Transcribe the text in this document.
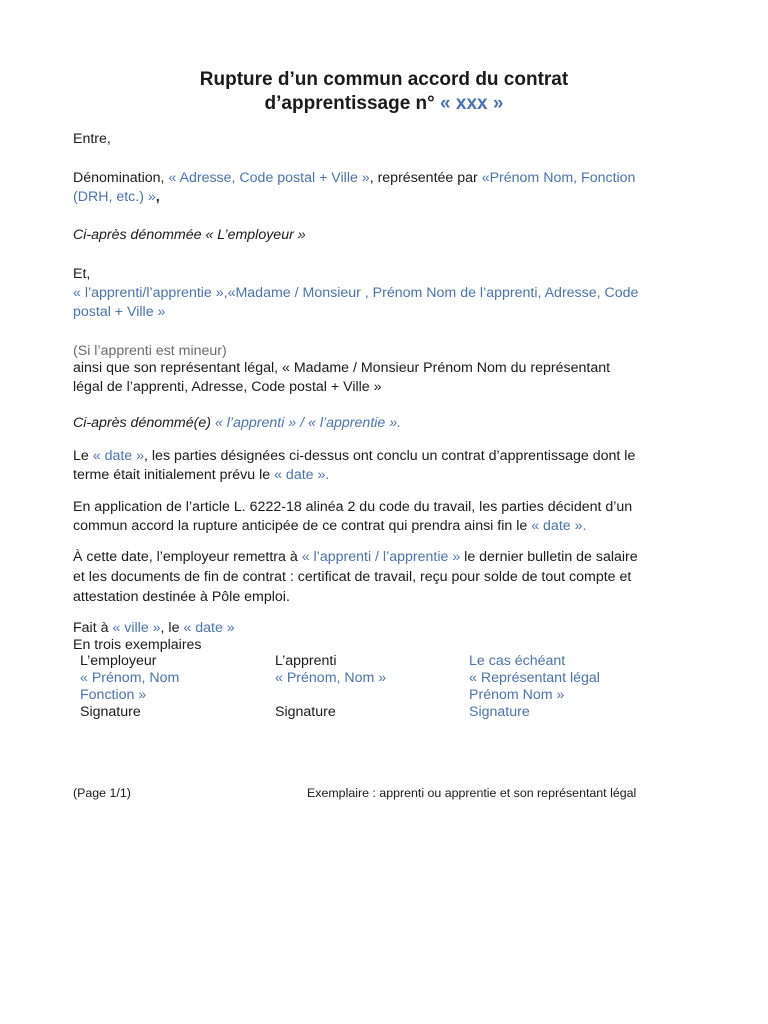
Rupture d’un commun accord du contrat
d’apprentissage n° « xxx »
Entre,
Dénomination, « Adresse, Code postal + Ville », représentée par «Prénom Nom, Fonction
(DRH, etc.) »,
Ci-après dénommée « L’employeur »
Et,
« l’apprenti/l’apprentie »,«Madame / Monsieur , Prénom Nom de l’apprenti, Adresse, Code
postal + Ville »
(Si l’apprenti est mineur)
ainsi que son représentant légal, « Madame / Monsieur Prénom Nom du représentant
légal de l’apprenti, Adresse, Code postal + Ville »
Ci-après dénommé(e) « l’apprenti » / « l’apprentie ».
Le « date », les parties désignées ci-dessus ont conclu un contrat d’apprentissage dont le
terme était initialement prévu le « date ».
En application de l’article L. 6222-18 alinéa 2 du code du travail, les parties décident d’un
commun accord la rupture anticipée de ce contrat qui prendra ainsi fin le « date ».
À cette date, l’employeur remettra à « l’apprenti / l’apprentie » le dernier bulletin de salaire
et les documents de fin de contrat : certificat de travail, reçu pour solde de tout compte et
attestation destinée à Pôle emploi.
Fait à « ville », le « date »
En trois exemplaires
L’employeur
« Prénom, Nom
Fonction »
Signature
L’apprenti
« Prénom, Nom »
Signature
Le cas échéant
« Représentant légal
Prénom Nom »
Signature
(Page 1/1)	Exemplaire : apprenti ou apprentie et son représentant légal
